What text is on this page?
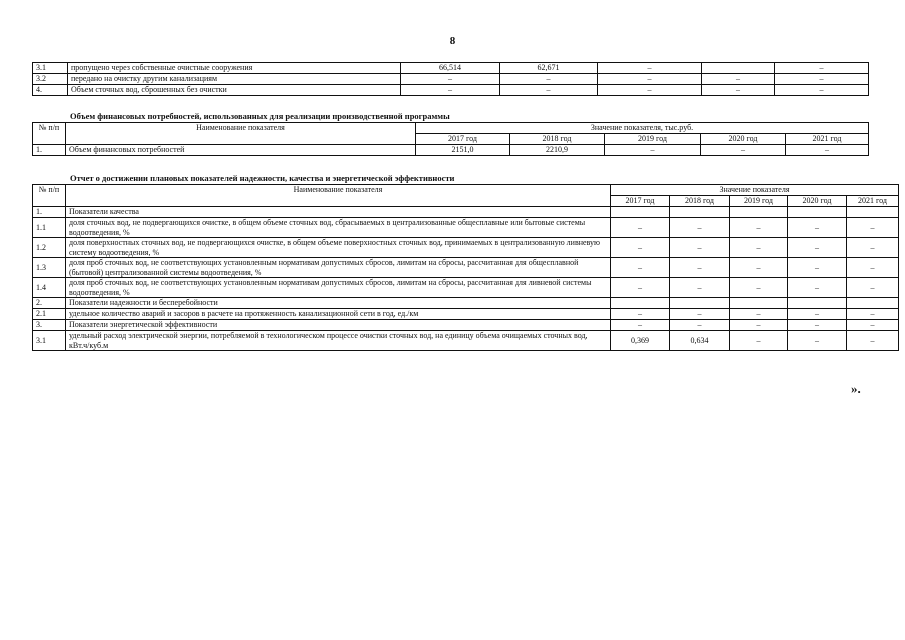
8
3.1	пропущено через собственные очистные сооружения	66,514	62,671	–		–
3.2	передано на очистку другим канализациям	–	–	–	–	–
4.	Объем сточных вод, сброшенных без очистки	–	–	–	–	–
Объем финансовых потребностей, использованных для реализации производственной программы
№ п/п	Наименование показателя	Значение показателя, тыс.руб.				
		2017 год	2018 год	2019 год	2020 год	2021 год
1.	Объем финансовых потребностей	2151,0	2210,9	–	–	–
Отчет о достижении плановых показателей надежности, качества и энергетической эффективности
№ п/п	Наименование показателя	Значение показателя				
		2017 год	2018 год	2019 год	2020 год	2021 год
1.	Показатели качества					
1.1	доля сточных вод, не подвергающихся очистке, в общем объеме сточных вод, сбрасываемых в централизованные общесплавные или бытовые системы водоотведения, %	–	–	–	–	–
1.2	доля поверхностных сточных вод, не подвергающихся очистке, в общем объеме поверхностных сточных вод, принимаемых в централизованную ливневую систему водоотведения, %	–	–	–	–	–
1.3	доля проб сточных вод, не соответствующих установленным нормативам допустимых сбросов, лимитам на сбросы, рассчитанная для общесплавной (бытовой) централизованной системы водоотведения, %	–	–	–	–	–
1.4	доля проб сточных вод, не соответствующих установленным нормативам допустимых сбросов, лимитам на сбросы, рассчитанная для ливневой системы водоотведения, %	–	–	–	–	–
2.	Показатели надежности и бесперебойности					
2.1	удельное количество аварий и засоров в расчете на протяженность канализационной сети в год, ед./км	–	–	–	–	–
3.	Показатели энергетической эффективности	–	–	–	–	–
3.1	удельный расход электрической энергии, потребляемой в технологическом процессе очистки сточных вод, на единицу объема очищаемых сточных вод, кВт.ч/куб.м	0,369	0,634	–	–	–
».
